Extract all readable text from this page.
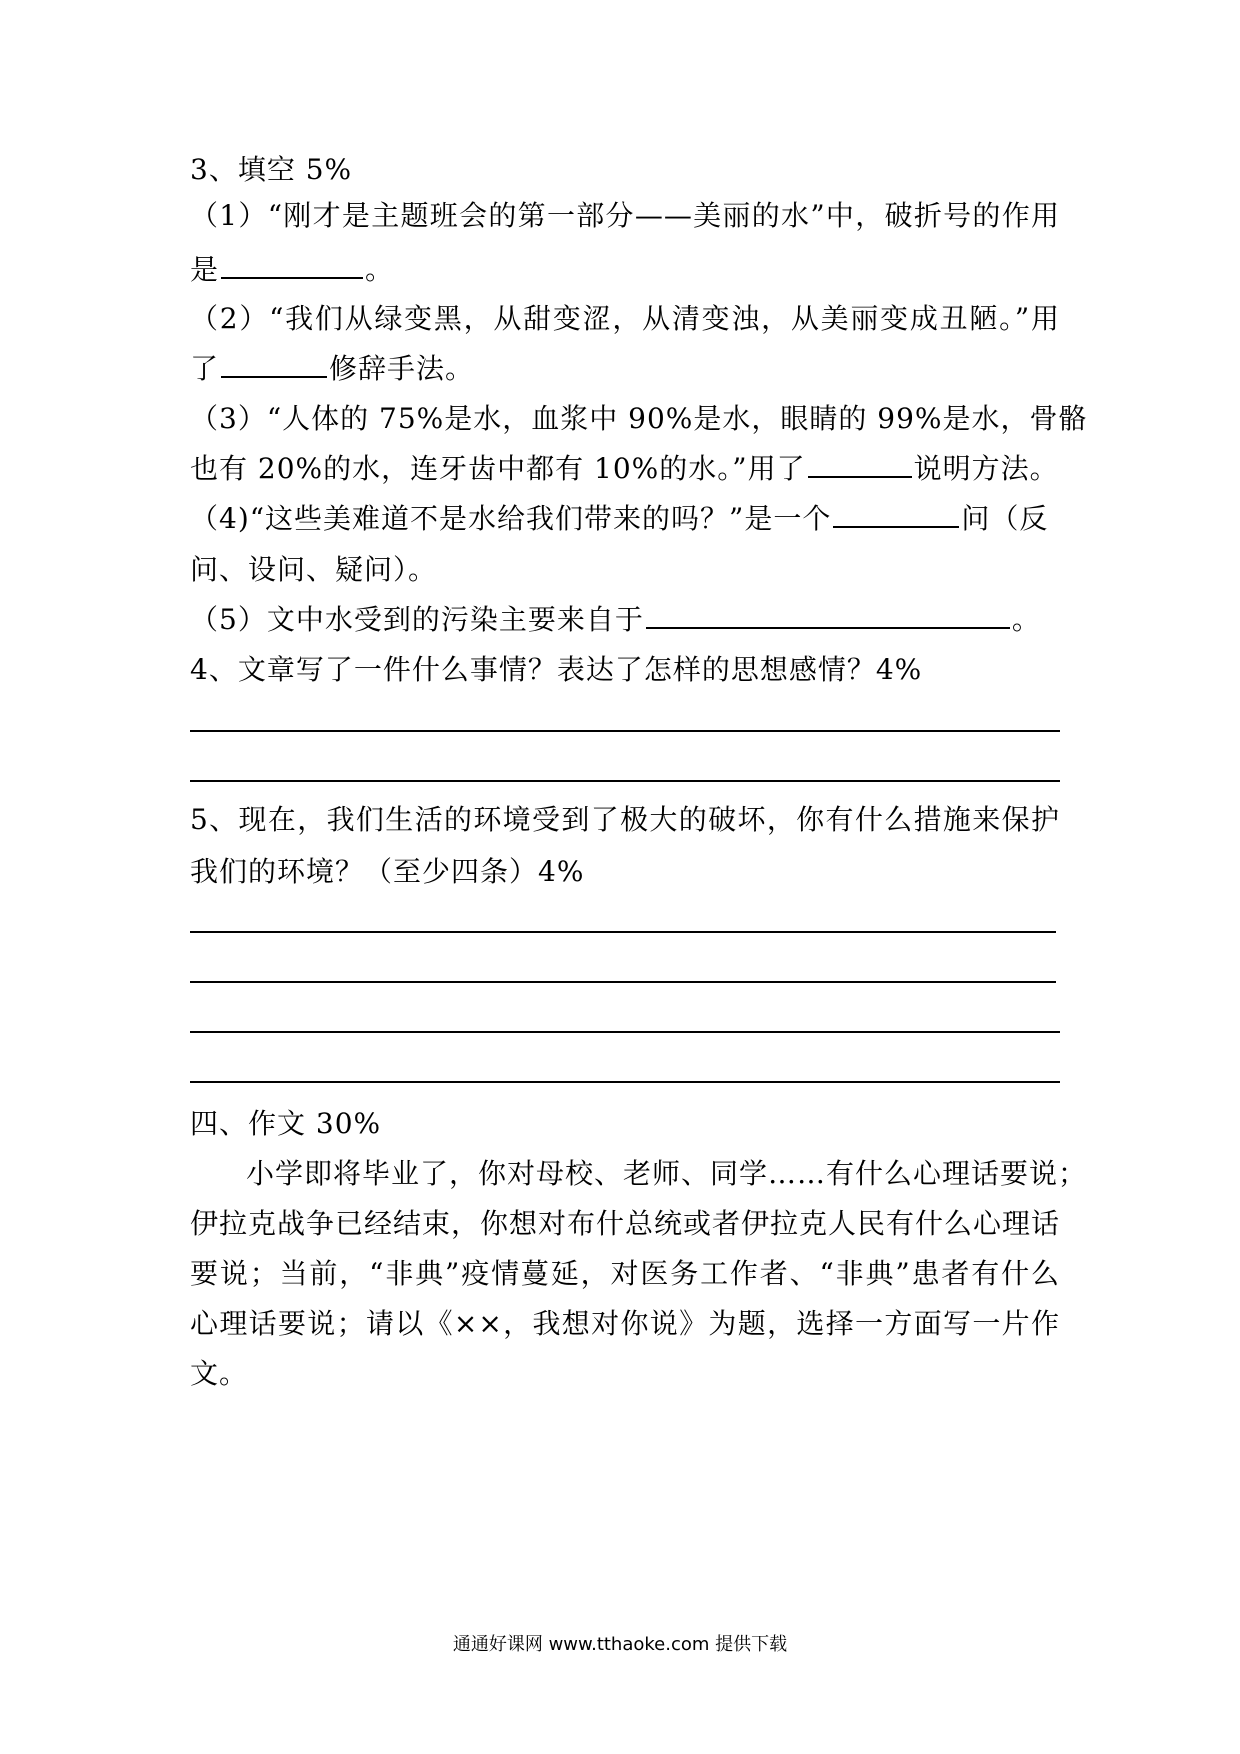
3、填空 5%
（1）“刚才是主题班会的第一部分——美丽的水”中，破折号的作用
是	。
（2）“我们从绿变黑，从甜变涩，从清变浊，从美丽变成丑陋。”用
了	修辞手法。
（3）“人体的 75%是水，血浆中 90%是水，眼睛的 99%是水，骨骼
也有 20%的水，连牙齿中都有 10%的水。”用了	说明方法。
（4)“这些美难道不是水给我们带来的吗？”是一个	问（反
问、设问、疑问）。
（5）文中水受到的污染主要来自于	。
4、文章写了一件什么事情？表达了怎样的思想感情？4%
5、现在，我们生活的环境受到了极大的破坏，你有什么措施来保护
我们的环境？（至少四条）4%
四、作文 30%
小学即将毕业了，你对母校、老师、同学……有什么心理话要说；
伊拉克战争已经结束，你想对布什总统或者伊拉克人民有什么心理话
要说；当前，“非典”疫情蔓延，对医务工作者、“非典”患者有什么
心理话要说；请以《××，我想对你说》为题，选择一方面写一片作
文。
通通好课网 www.tthaoke.com 提供下载
